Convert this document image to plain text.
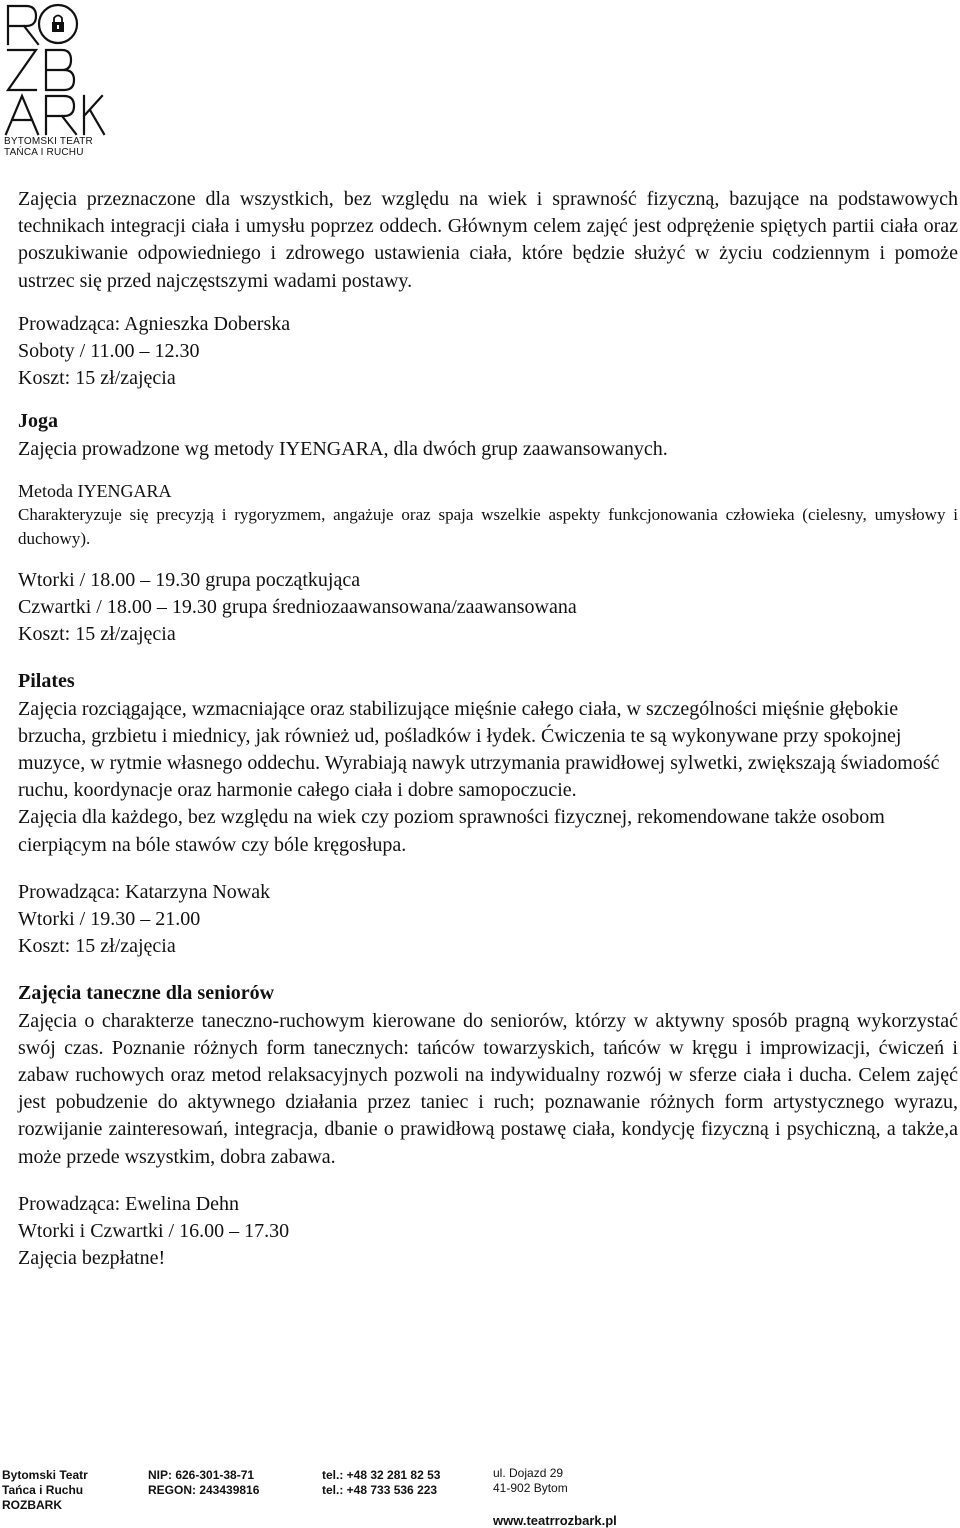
BYTOMSKI TEATR
TAŃCA I RUCHU

Zajęcia przeznaczone dla wszystkich, bez względu na wiek i sprawność fizyczną, bazujące na podstawowych technikach integracji ciała i umysłu poprzez oddech. Głównym celem zajęć jest odprężenie spiętych partii ciała oraz poszukiwanie odpowiedniego i zdrowego ustawienia ciała, które będzie służyć w życiu codziennym i pomoże ustrzec się przed najczęstszymi wadami postawy.

Prowadząca: Agnieszka Doberska

Soboty / 11.00 – 12.30

Koszt: 15 zł/zajęcia

Joga

Zajęcia prowadzone wg metody IYENGARA, dla dwóch grup zaawansowanych.

Metoda IYENGARA

Charakteryzuje się precyzją i rygoryzmem, angażuje oraz spaja wszelkie aspekty funkcjonowania człowieka (cielesny, umysłowy i duchowy).

Wtorki / 18.00 – 19.30 grupa początkująca

Czwartki / 18.00 – 19.30 grupa średniozaawansowana/zaawansowana

Koszt: 15 zł/zajęcia

Pilates

Zajęcia rozciągające, wzmacniające oraz stabilizujące mięśnie całego ciała, w szczególności mięśnie głębokie brzucha, grzbietu i miednicy, jak również ud, pośladków i łydek. Ćwiczenia te są wykonywane przy spokojnej muzyce, w rytmie własnego oddechu. Wyrabiają nawyk utrzymania prawidłowej sylwetki, zwiększają świadomość ruchu, koordynacje oraz harmonie całego ciała i dobre samopoczucie.

Zajęcia dla każdego, bez względu na wiek czy poziom sprawności fizycznej, rekomendowane także osobom cierpiącym na bóle stawów czy bóle kręgosłupa.

Prowadząca: Katarzyna Nowak

Wtorki / 19.30 – 21.00

Koszt: 15 zł/zajęcia

Zajęcia taneczne dla seniorów

Zajęcia o charakterze taneczno-ruchowym kierowane do seniorów, którzy w aktywny sposób pragną wykorzystać swój czas. Poznanie różnych form tanecznych: tańców towarzyskich, tańców w kręgu i improwizacji, ćwiczeń i zabaw ruchowych oraz metod relaksacyjnych pozwoli na indywidualny rozwój w sferze ciała i ducha. Celem zajęć jest pobudzenie do aktywnego działania przez taniec i ruch; poznawanie różnych form artystycznego wyrazu, rozwijanie zainteresowań, integracja, dbanie o prawidłową postawę ciała, kondycję fizyczną i psychiczną, a także,a może przede wszystkim, dobra zabawa.

Prowadząca: Ewelina Dehn

Wtorki i Czwartki / 16.00 – 17.30

Zajęcia bezpłatne!

Bytomski Teatr
Tańca i Ruchu
ROZBARK
NIP: 626-301-38-71
REGON: 243439816
tel.: +48 32 281 82 53
tel.: +48 733 536 223
ul. Dojazd 29
41-902 Bytom
www.teatrrozbark.pl
